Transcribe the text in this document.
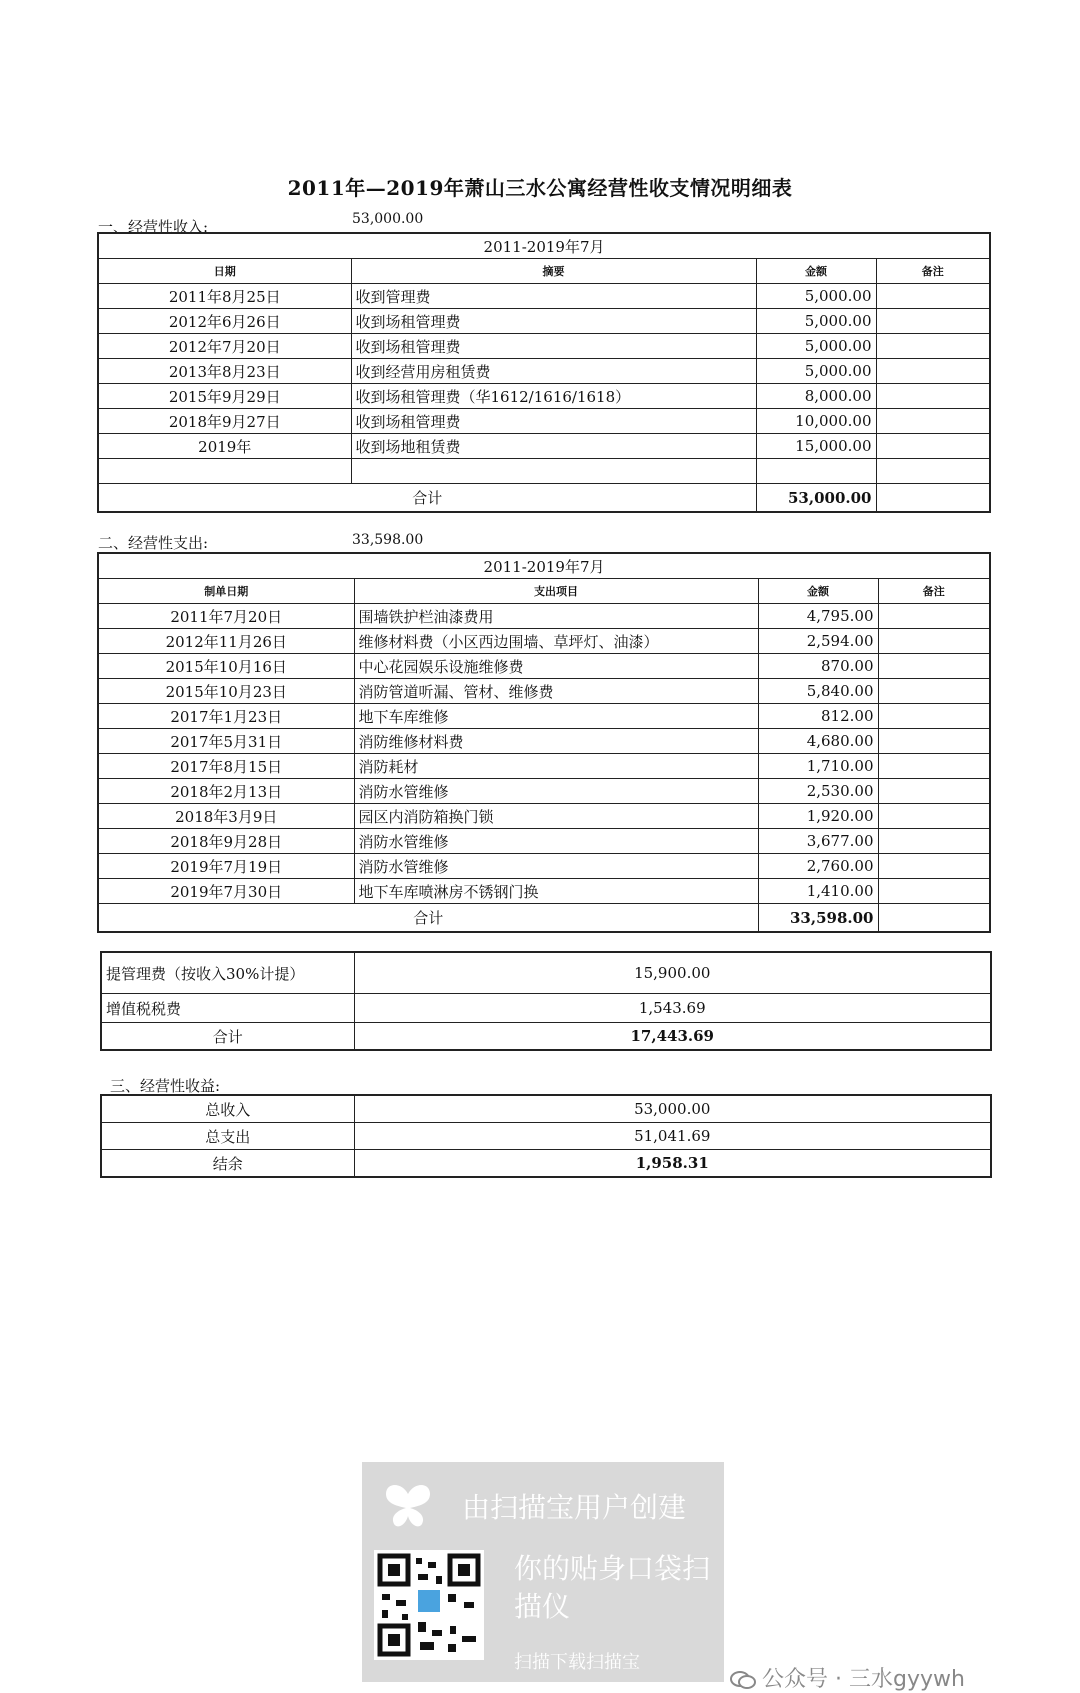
2011年—2019年萧山三水公寓经营性收支情况明细表
一、经营性收入:	53,000.00
2011-2019年7月			
日期	摘要	金额	备注
2011年8月25日	收到管理费	5,000.00	
2012年6月26日	收到场租管理费	5,000.00	
2012年7月20日	收到场租管理费	5,000.00	
2013年8月23日	收到经营用房租赁费	5,000.00	
2015年9月29日	收到场租管理费（华1612/1616/1618）	8,000.00	
2018年9月27日	收到场租管理费	10,000.00	
2019年	收到场地租赁费	15,000.00	

合计		53,000.00	
二、经营性支出:	33,598.00
2011-2019年7月			
制单日期	支出项目	金额	备注
2011年7月20日	围墙铁护栏油漆费用	4,795.00	
2012年11月26日	维修材料费（小区西边围墙、草坪灯、油漆）	2,594.00	
2015年10月16日	中心花园娱乐设施维修费	870.00	
2015年10月23日	消防管道听漏、管材、维修费	5,840.00	
2017年1月23日	地下车库维修	812.00	
2017年5月31日	消防维修材料费	4,680.00	
2017年8月15日	消防耗材	1,710.00	
2018年2月13日	消防水管维修	2,530.00	
2018年3月9日	园区内消防箱换门锁	1,920.00	
2018年9月28日	消防水管维修	3,677.00	
2019年7月19日	消防水管维修	2,760.00	
2019年7月30日	地下车库喷淋房不锈钢门换	1,410.00	
合计		33,598.00	
提管理费（按收入30%计提）	15,900.00
增值税税费	1,543.69
合计	17,443.69
三、经营性收益:
总收入	53,000.00
总支出	51,041.69
结余	1,958.31
由扫描宝用户创建
你的贴身口袋扫描仪
扫描下载扫描宝
公众号 · 三水gyywh
